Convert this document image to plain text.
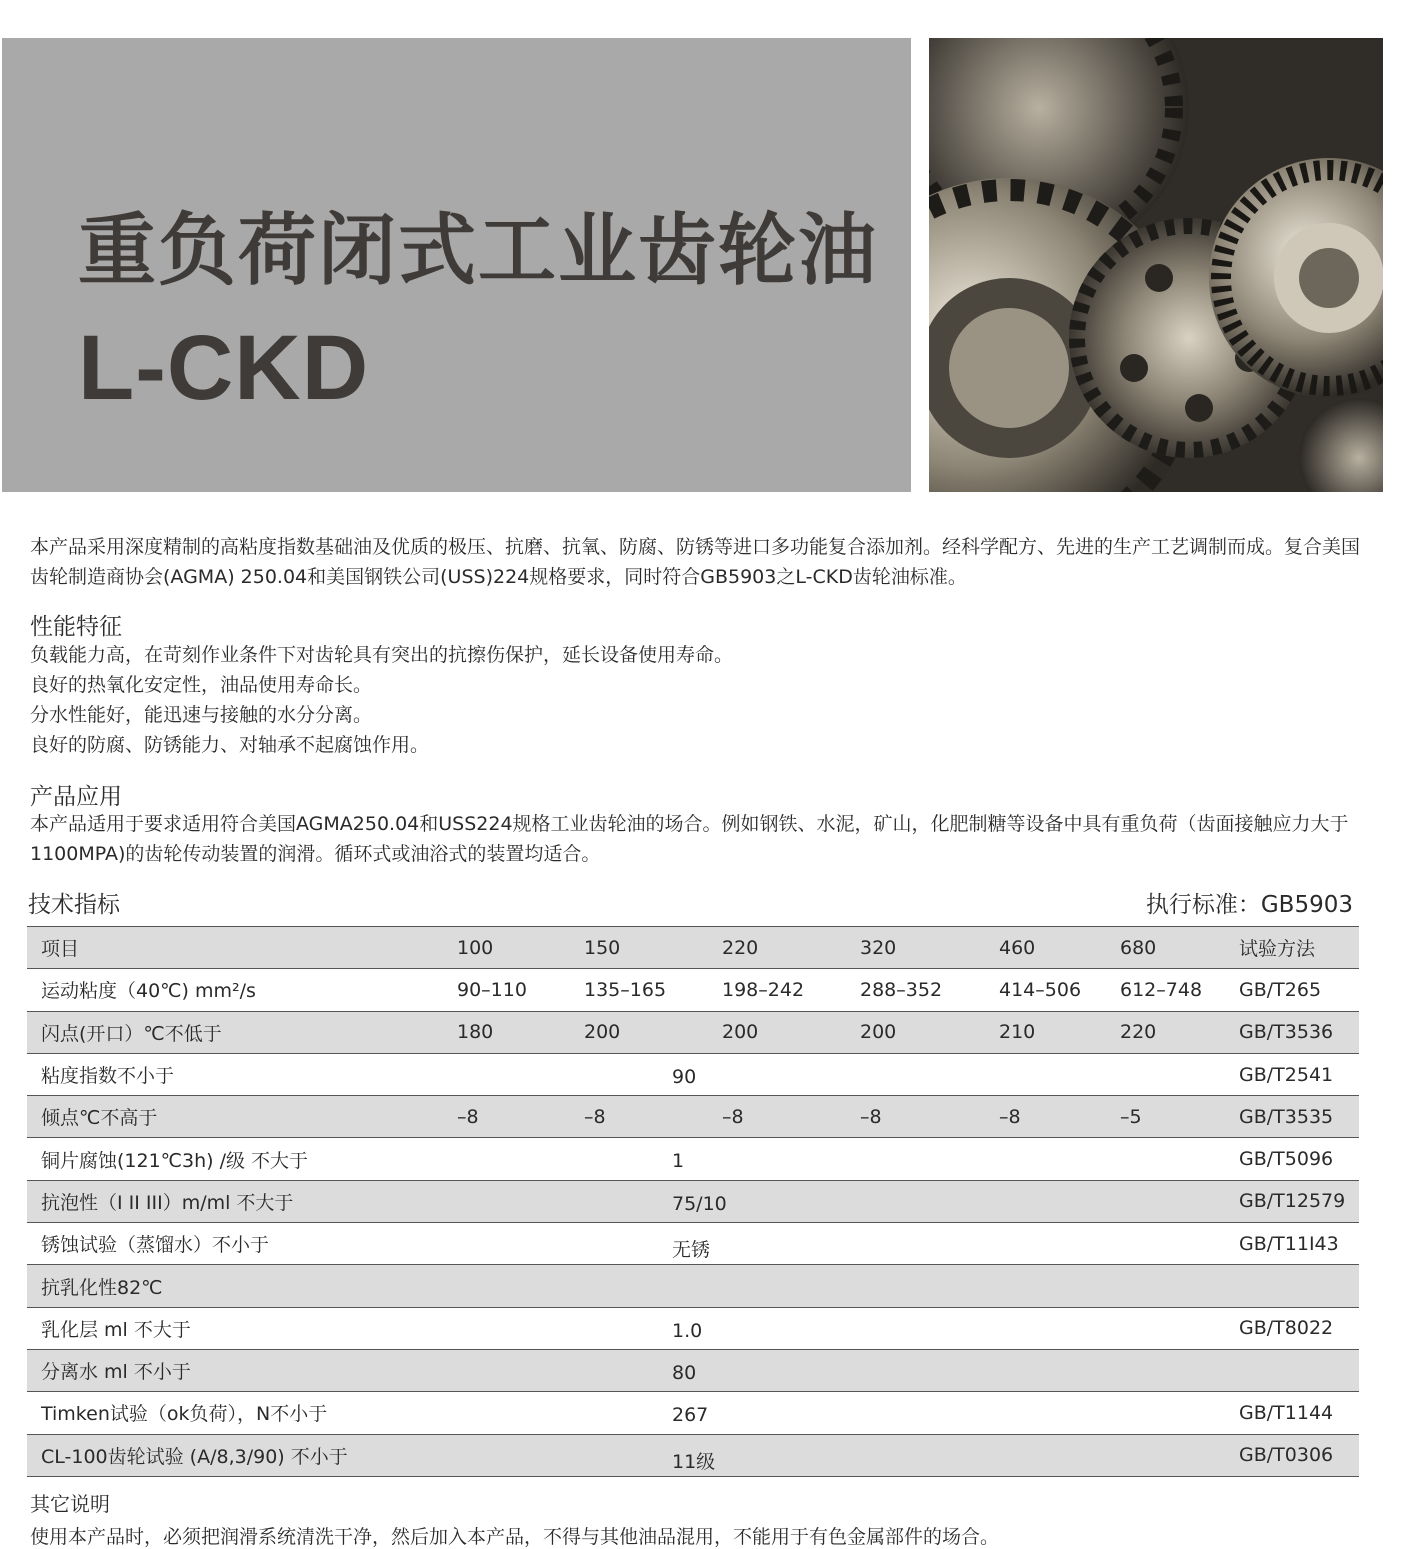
重负荷闭式工业齿轮油
L-CKD
本产品采用深度精制的高粘度指数基础油及优质的极压、抗磨、抗氧、防腐、防锈等进口多功能复合添加剂。经科学配方、先进的生产工艺调制而成。复合美国齿轮制造商协会(AGMA) 250.04和美国钢铁公司(USS)224规格要求，同时符合GB5903之L-CKD齿轮油标准。
性能特征
负载能力高，在苛刻作业条件下对齿轮具有突出的抗擦伤保护，延长设备使用寿命。
良好的热氧化安定性，油品使用寿命长。
分水性能好，能迅速与接触的水分分离。
良好的防腐、防锈能力、对轴承不起腐蚀作用。
产品应用
本产品适用于要求适用符合美国AGMA250.04和USS224规格工业齿轮油的场合。例如钢铁、水泥，矿山，化肥制糖等设备中具有重负荷（齿面接触应力大于1100MPA)的齿轮传动装置的润滑。循环式或油浴式的装置均适合。
技术指标	执行标准：GB5903
项目	100	150	220	320	460	680	试验方法
运动粘度（40℃) mm²/s	90–110	135–165	198–242	288–352	414–506	612–748	GB/T265
闪点(开口）℃不低于	180	200	200	200	210	220	GB/T3536
粘度指数不小于	90						GB/T2541
倾点℃不高于	–8	–8	–8	–8	–8	–5	GB/T3535
铜片腐蚀(121℃3h) /级 不大于	1						GB/T5096
抗泡性（I II III）m/ml 不大于	75/10						GB/T12579
锈蚀试验（蒸馏水）不小于	无锈						GB/T11I43
抗乳化性82℃						

乳化层 ml 不大于	1.0						GB/T8022
分离水 ml 不小于	80						

Timken试验（ok负荷），N不小于	267						GB/T1144
CL-100齿轮试验 (A/8,3/90) 不小于	11级						GB/T0306
其它说明
使用本产品时，必须把润滑系统清洗干净，然后加入本产品，不得与其他油品混用，不能用于有色金属部件的场合。
